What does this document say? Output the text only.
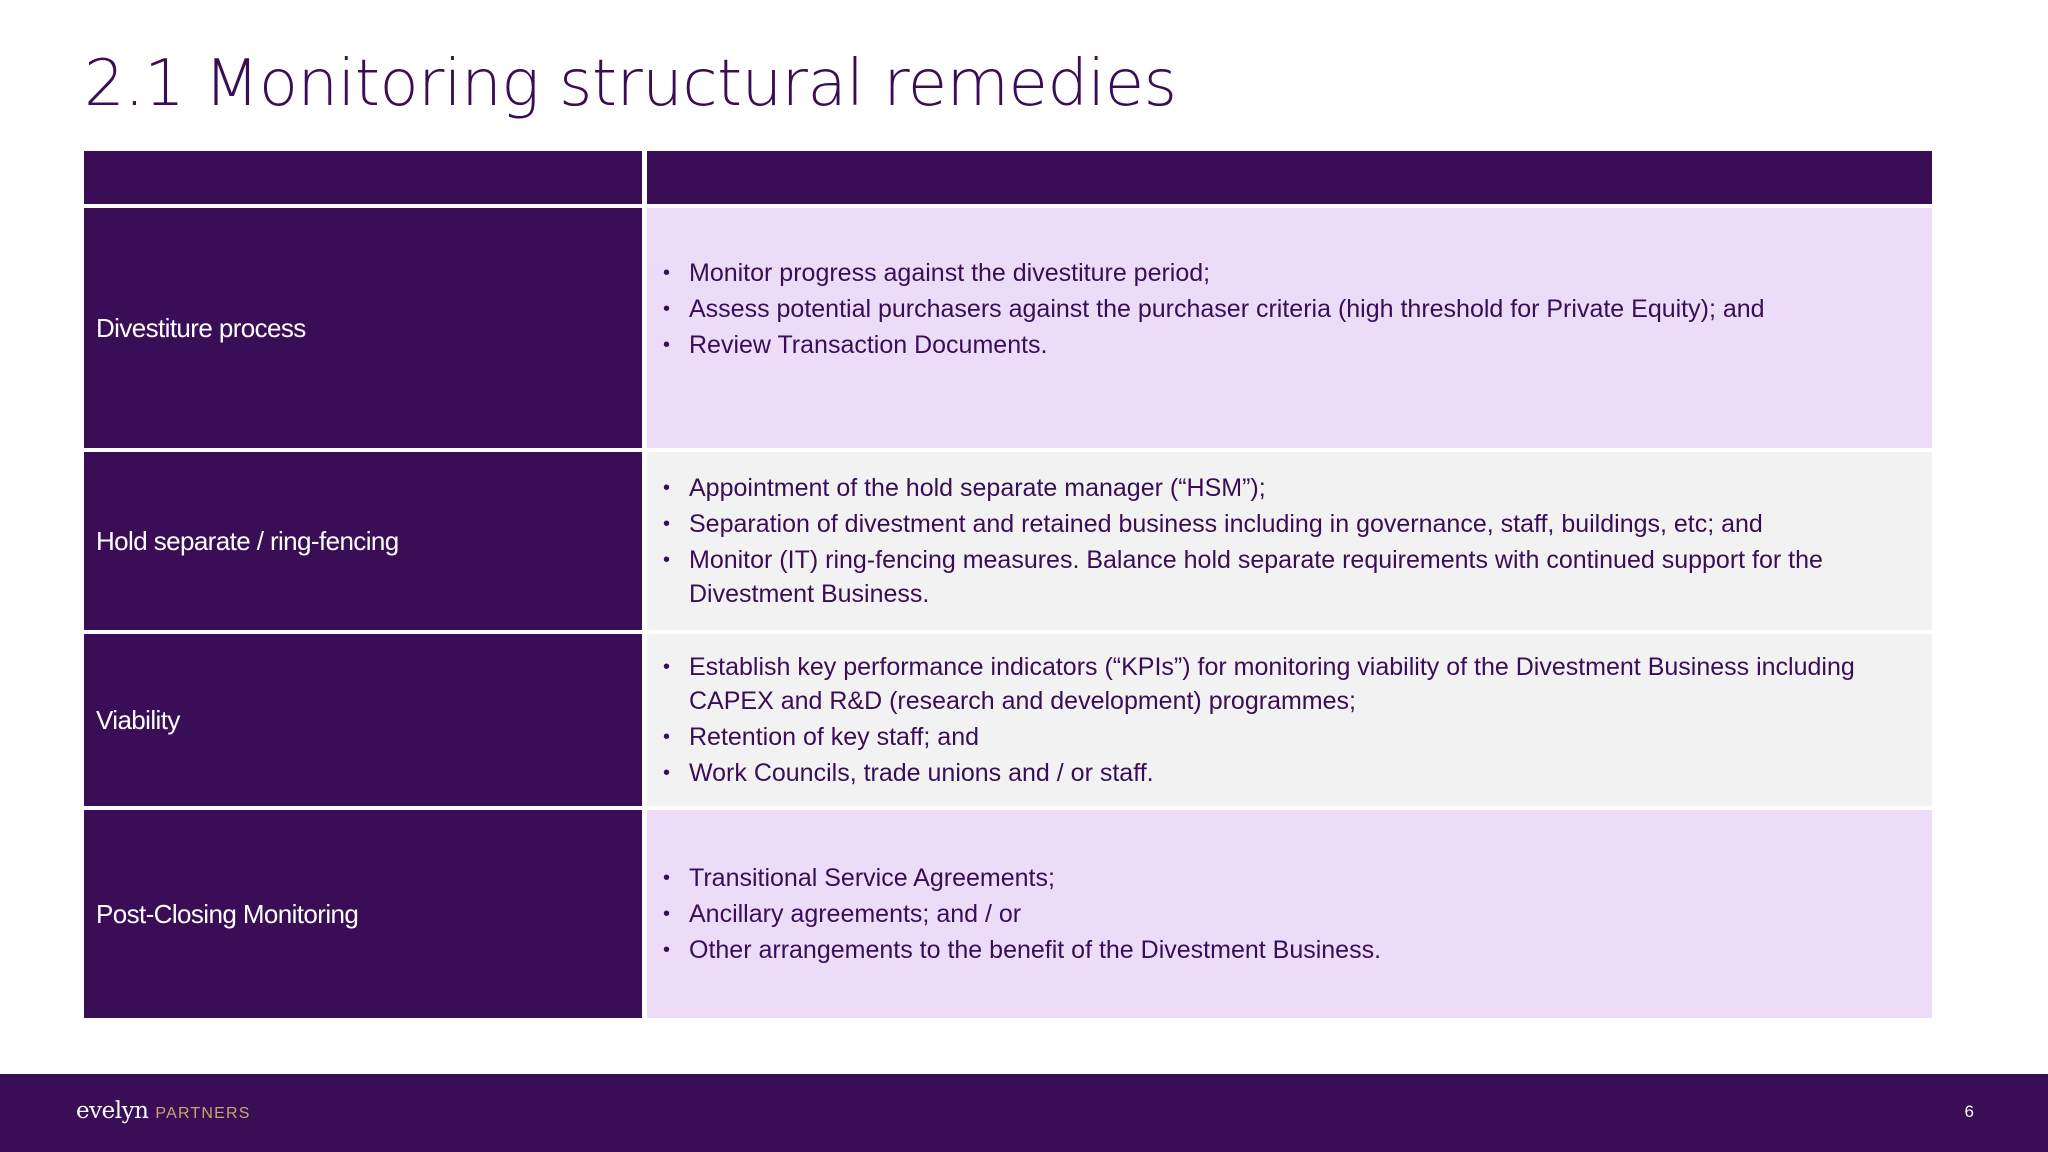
2.1 Monitoring structural remedies
Divestiture process
• Monitor progress against the divestiture period;
• Assess potential purchasers against the purchaser criteria (high threshold for Private Equity); and
• Review Transaction Documents.
Hold separate / ring-fencing
• Appointment of the hold separate manager (“HSM”);
• Separation of divestment and retained business including in governance, staff, buildings, etc; and
• Monitor (IT) ring-fencing measures. Balance hold separate requirements with continued support for the Divestment Business.
Viability
• Establish key performance indicators (“KPIs”) for monitoring viability of the Divestment Business including CAPEX and R&D (research and development) programmes;
• Retention of key staff; and
• Work Councils, trade unions and / or staff.
Post-Closing Monitoring
• Transitional Service Agreements;
• Ancillary agreements; and / or
• Other arrangements to the benefit of the Divestment Business.
evelyn PARTNERS	6
